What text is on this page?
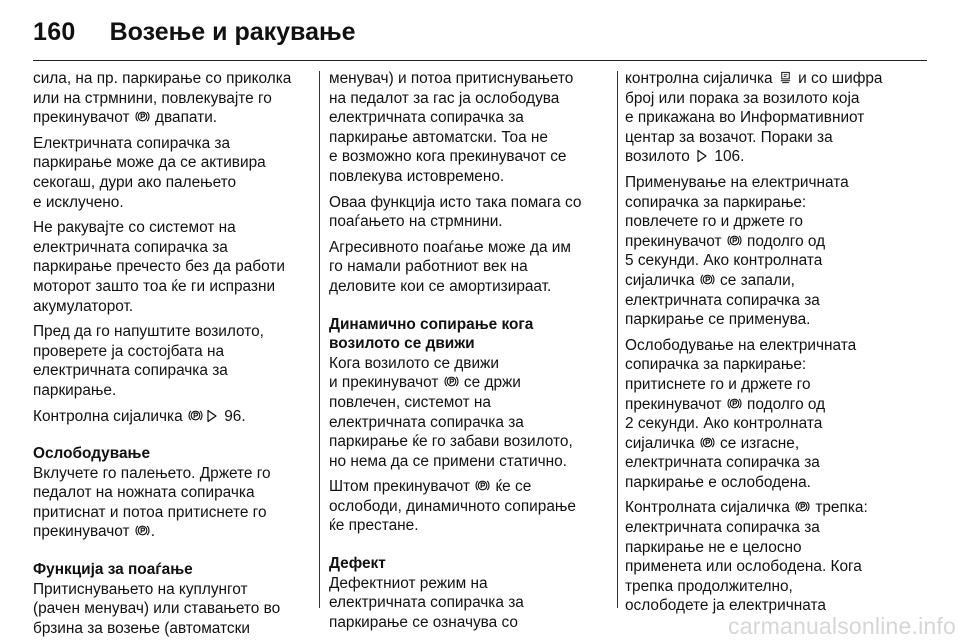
160 Возење и ракување
сила, на пр. паркирање со приколка
или на стрмнини, повлекувајте го
прекинувачот
двапати.
Електричната сопирачка за
паркирање може да се активира
секогаш, дури ако палењето
е исклучено.
Не ракувајте со системот на
електричната сопирачка за
паркирање пречесто без да работи
моторот зашто тоа ќе ги испразни
акумулаторот.
Пред да го напуштите возилото,
проверете ја состојбата на
електричната сопирачка за
паркирање.
Контролна сијаличка
96.
Ослободување
Вклучете го палењето. Држете го
педалот на ножната сопирачка
притиснат и потоа притиснете го
прекинувачот
.
Функција за поаѓање
Притиснувањето на куплунгот
(рачен менувач) или ставањето во
брзина за возење (автоматски
менувач) и потоа притиснувањето
на педалот за гас ја ослободува
електричната сопирачка за
паркирање автоматски. Тоа не
е возможно кога прекинувачот се
повлекува истовремено.
Оваа функција исто така помага со
поаѓањето на стрмнини.
Агресивното поаѓање може да им
го намали работниот век на
деловите кои се амортизираат.
Динамично сопирање кога
возилото се движи
Кога возилото се движи
и прекинувачот
се држи
повлечен, системот на
електричната сопирачка за
паркирање ќе го забави возилото,
но нема да се примени статично.
Штом прекинувачот
ќе се
ослободи, динамичното сопирање
ќе престане.
Дефект
Дефектниот режим на
електричната сопирачка за
паркирање се означува со
контролна сијаличка
и со шифра
број или порака за возилото која
е прикажана во Информативниот
центар за возачот. Пораки за
возилото
106.
Применување на електричната
сопирачка за паркирање:
повлечете го и држете го
прекинувачот
подолго од
5 секунди. Ако контролната
сијаличка
се запали,
електричната сопирачка за
паркирање се применува.
Ослободување на електричната
сопирачка за паркирање:
притиснете го и држете го
прекинувачот
подолго од
2 секунди. Ако контролната
сијаличка
се изгасне,
електричната сопирачка за
паркирање е ослободена.
Контролната сијаличка
трепка:
електричната сопирачка за
паркирање не е целосно
применета или ослободена. Кога
трепка продолжително,
ослободете ја електричната
carmanualsonline.info
